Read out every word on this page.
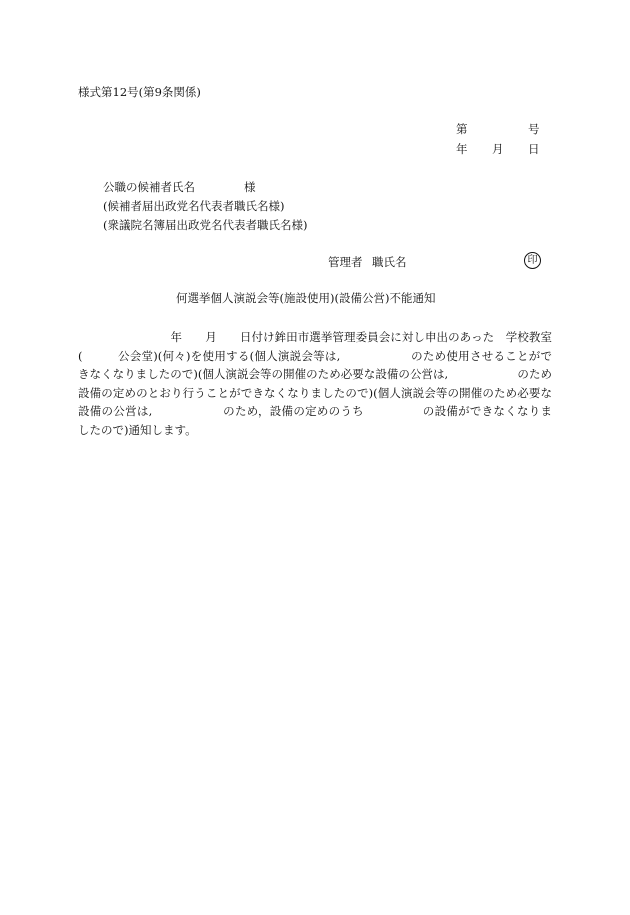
様式第12号(第9条関係)
第	号
年 月 日
公職の候補者氏名	様
(候補者届出政党名代表者職氏名様)
(衆議院名簿届出政党名代表者職氏名様)
管理者 職氏名	印
何選挙個人演説会等(施設使用)(設備公営)不能通知
　　　　　　　　年　　月　　日付け鉾田市選挙管理委員会に対し申出のあった　学校教室(　　　公会堂)(何々)を使用する(個人演説会等は,　　　　　　のため使用させることができなくなりましたので)(個人演説会等の開催のため必要な設備の公営は,　　　　　　のため設備の定めのとおり行うことができなくなりましたので)(個人演説会等の開催のため必要な設備の公営は,　　　　　　のため，設備の定めのうち　　　　　の設備ができなくなりましたので)通知します。
